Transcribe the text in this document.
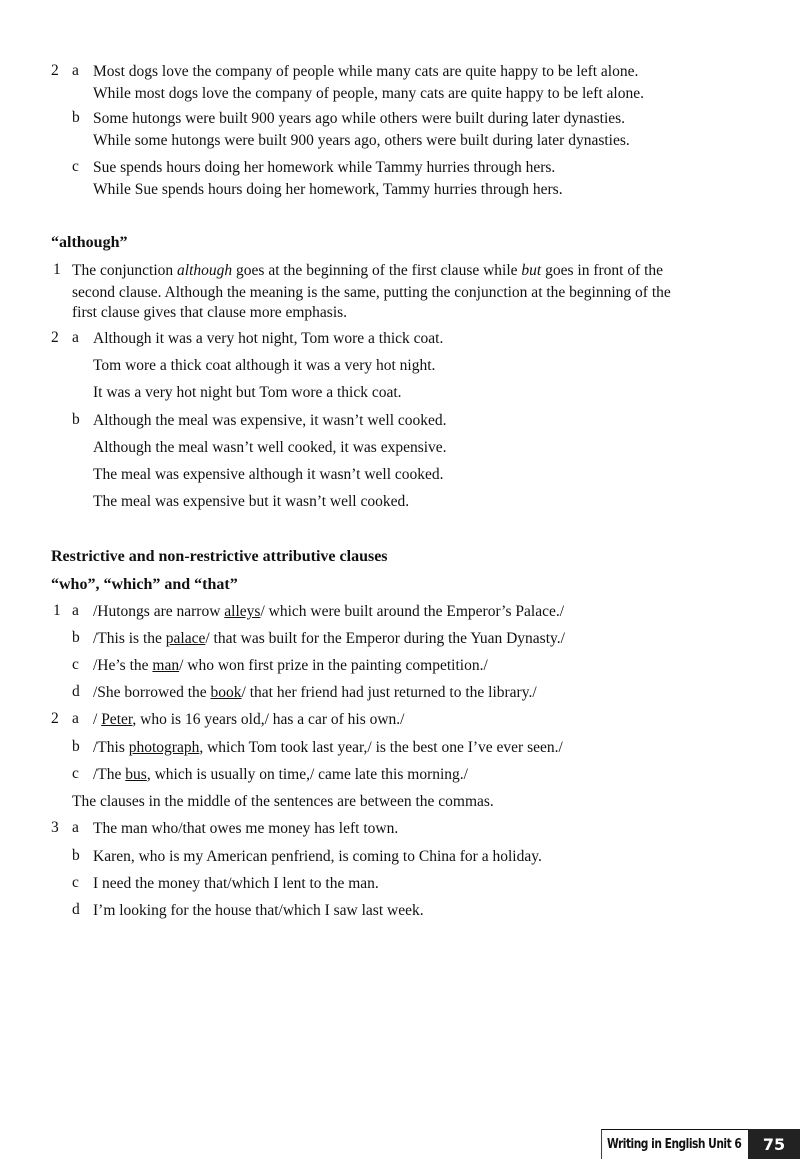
2 a Most dogs love the company of people while many cats are quite happy to be left alone.
While most dogs love the company of people, many cats are quite happy to be left alone.
b Some hutongs were built 900 years ago while others were built during later dynasties.
While some hutongs were built 900 years ago, others were built during later dynasties.
c Sue spends hours doing her homework while Tammy hurries through hers.
While Sue spends hours doing her homework, Tammy hurries through hers.
“although”
1 The conjunction although goes at the beginning of the first clause while but goes in front of the
second clause. Although the meaning is the same, putting the conjunction at the beginning of the
first clause gives that clause more emphasis.
2 a Although it was a very hot night, Tom wore a thick coat.
Tom wore a thick coat although it was a very hot night.
It was a very hot night but Tom wore a thick coat.
b Although the meal was expensive, it wasn’t well cooked.
Although the meal wasn’t well cooked, it was expensive.
The meal was expensive although it wasn’t well cooked.
The meal was expensive but it wasn’t well cooked.
Restrictive and non-restrictive attributive clauses
“who”, “which” and “that”
1 a /Hutongs are narrow alleys/ which were built around the Emperor’s Palace./
b /This is the palace/ that was built for the Emperor during the Yuan Dynasty./
c /He’s the man/ who won first prize in the painting competition./
d /She borrowed the book/ that her friend had just returned to the library./
2 a / Peter, who is 16 years old,/ has a car of his own./
b /This photograph, which Tom took last year,/ is the best one I’ve ever seen./
c /The bus, which is usually on time,/ came late this morning./
The clauses in the middle of the sentences are between the commas.
3 a The man who/that owes me money has left town.
b Karen, who is my American penfriend, is coming to China for a holiday.
c I need the money that/which I lent to the man.
d I’m looking for the house that/which I saw last week.
Writing in English Unit 6	75
